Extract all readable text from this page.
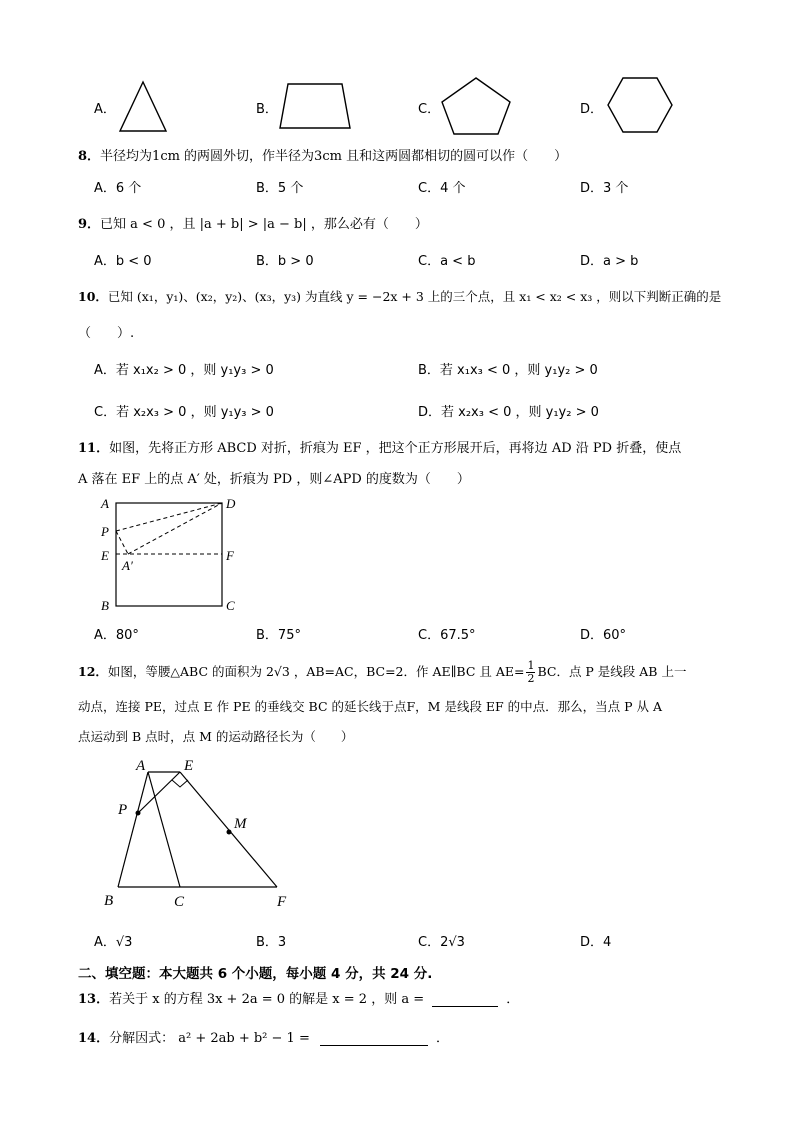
A．	B．	C．	D．
8．半径均为1cm 的两圆外切，作半径为3cm 且和这两圆都相切的圆可以作（　　）
A．6 个	B．5 个	C．4 个	D．3 个
9．已知 a < 0 ，且 |a + b| > |a − b| ，那么必有（　　）
A．b < 0	B．b > 0	C．a < b	D．a > b
10．已知 (x₁，y₁)、(x₂，y₂)、(x₃，y₃) 为直线 y = −2x + 3 上的三个点，且 x₁ < x₂ < x₃ ，则以下判断正确的是
（　　）.
A．若 x₁x₂ > 0 ，则 y₁y₃ > 0	B．若 x₁x₃ < 0 ，则 y₁y₂ > 0
C．若 x₂x₃ > 0 ，则 y₁y₃ > 0	D．若 x₂x₃ < 0 ，则 y₁y₂ > 0
11．如图，先将正方形 ABCD 对折，折痕为 EF ，把这个正方形展开后，再将边 AD 沿 PD 折叠，使点
A 落在 EF 上的点 A′ 处，折痕为 PD ，则∠APD 的度数为（　　）
A	D
P
E	F
A′
B	C
A．80°	B．75°	C．67.5°	D．60°
12．如图，等腰△ABC 的面积为 2√3 ，AB=AC，BC=2．作 AE∥BC 且 $AE= \frac{1}{2}$ BC．点 P 是线段 AB 上一
动点，连接 PE，过点 E 作 PE 的垂线交 BC 的延长线于点F，M 是线段 EF 的中点．那么，当点 P 从 A
点运动到 B 点时，点 M 的运动路径长为（　　）
A	E
P
M
B	C	F
A．√3	B．3	C．2√3	D．4
二、填空题：本大题共 6 个小题，每小题 4 分，共 24 分.
13．若关于 x 的方程 3x + 2a = 0 的解是 x = 2 ，则 a =	．
14．分解因式： a² + 2ab + b² − 1 =	．
